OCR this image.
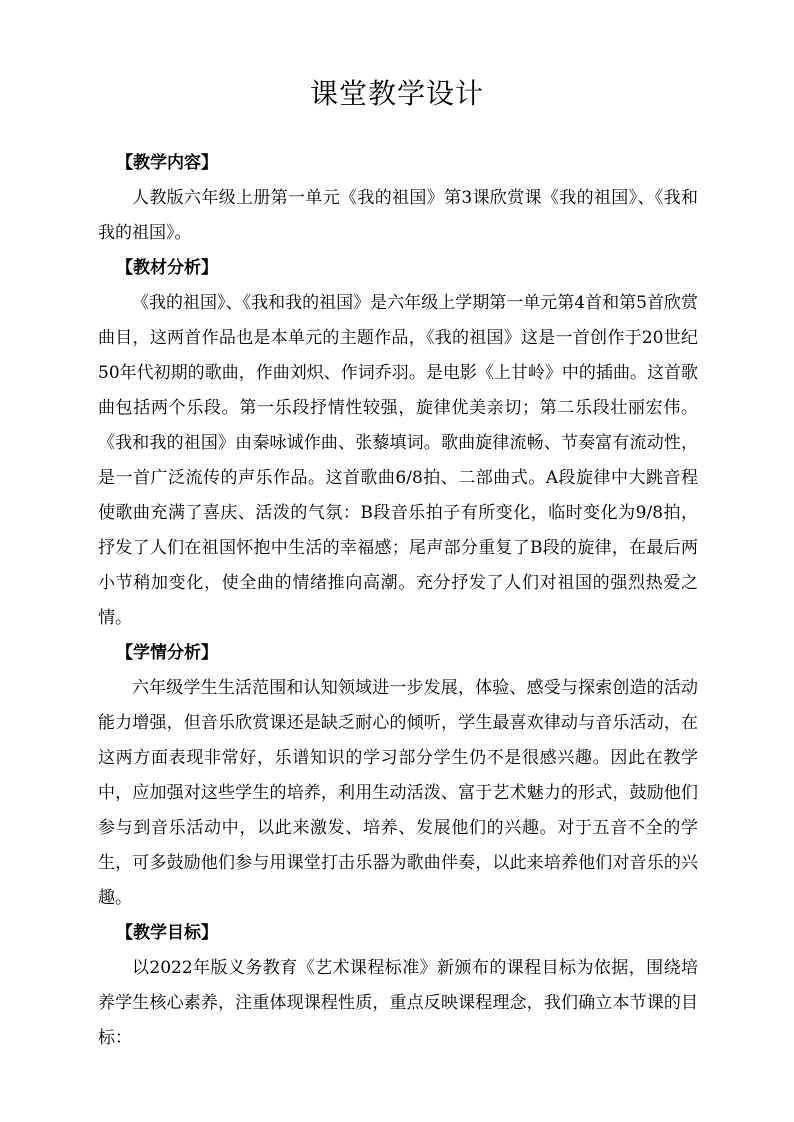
课堂教学设计

【教学内容】

人教版六年级上册第一单元《我的祖国》第3课欣赏课《我的祖国》、《我和我的祖国》。

【教材分析】

《我的祖国》、《我和我的祖国》是六年级上学期第一单元第4首和第5首欣赏曲目，这两首作品也是本单元的主题作品，《我的祖国》这是一首创作于20世纪50年代初期的歌曲，作曲刘炽、作词乔羽。是电影《上甘岭》中的插曲。这首歌曲包括两个乐段。第一乐段抒情性较强，旋律优美亲切；第二乐段壮丽宏伟。《我和我的祖国》由秦咏诚作曲、张藜填词。歌曲旋律流畅、节奏富有流动性，是一首广泛流传的声乐作品。这首歌曲6/8拍、二部曲式。A段旋律中大跳音程使歌曲充满了喜庆、活泼的气氛：B段音乐拍子有所变化，临时变化为9/8拍，抒发了人们在祖国怀抱中生活的幸福感；尾声部分重复了B段的旋律，在最后两小节稍加变化，使全曲的情绪推向高潮。充分抒发了人们对祖国的强烈热爱之情。

【学情分析】

六年级学生生活范围和认知领域进一步发展，体验、感受与探索创造的活动能力增强，但音乐欣赏课还是缺乏耐心的倾听，学生最喜欢律动与音乐活动，在这两方面表现非常好，乐谱知识的学习部分学生仍不是很感兴趣。因此在教学中，应加强对这些学生的培养，利用生动活泼、富于艺术魅力的形式，鼓励他们参与到音乐活动中，以此来激发、培养、发展他们的兴趣。对于五音不全的学生，可多鼓励他们参与用课堂打击乐器为歌曲伴奏，以此来培养他们对音乐的兴趣。

【教学目标】

以2022年版义务教育《艺术课程标准》新颁布的课程目标为依据，围绕培养学生核心素养，注重体现课程性质，重点反映课程理念，我们确立本节课的目标：
